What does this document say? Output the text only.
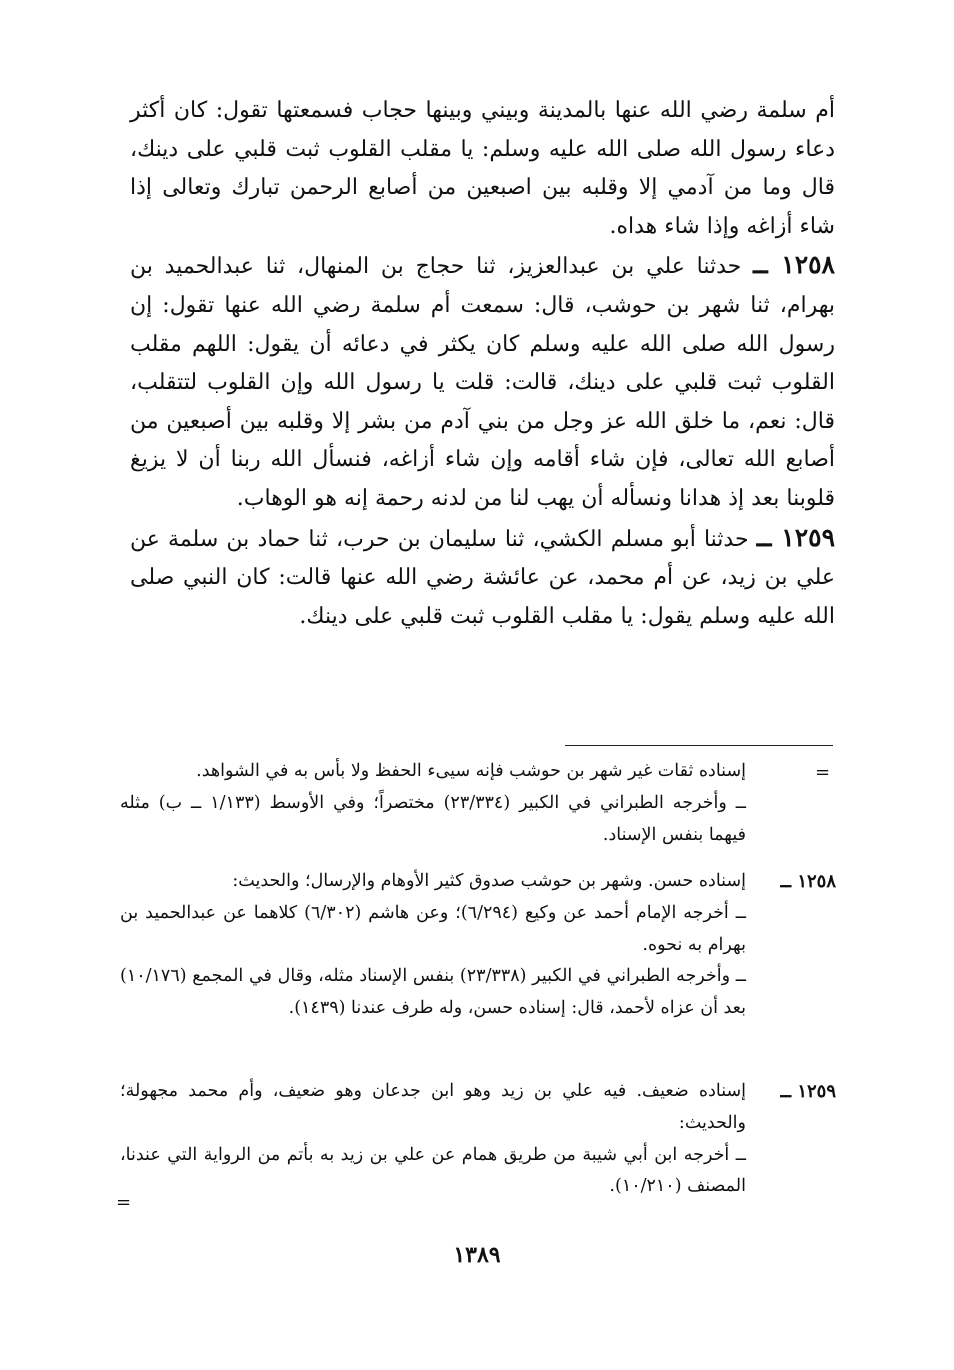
أم سلمة رضي الله عنها بالمدينة وبيني وبينها حجاب فسمعتها تقول: كان أكثر دعاء رسول الله صلى الله عليه وسلم: يا مقلب القلوب ثبت قلبي على دينك، قال وما من آدمي إلا وقلبه بين اصبعين من أصابع الرحمن تبارك وتعالى إذا شاء أزاغه وإذا شاء هداه.

١٢٥٨ ــ حدثنا علي بن عبدالعزيز، ثنا حجاج بن المنهال، ثنا عبدالحميد بن بهرام، ثنا شهر بن حوشب، قال: سمعت أم سلمة رضي الله عنها تقول: إن رسول الله صلى الله عليه وسلم كان يكثر في دعائه أن يقول: اللهم مقلب القلوب ثبت قلبي على دينك، قالت: قلت يا رسول الله وإن القلوب لتتقلب، قال: نعم، ما خلق الله عز وجل من بني آدم من بشر إلا وقلبه بين أصبعين من أصابع الله تعالى، فإن شاء أقامه وإن شاء أزاغه، فنسأل الله ربنا أن لا يزيغ قلوبنا بعد إذ هدانا ونسأله أن يهب لنا من لدنه رحمة إنه هو الوهاب.

١٢٥٩ ــ حدثنا أبو مسلم الكشي، ثنا سليمان بن حرب، ثنا حماد بن سلمة عن علي بن زيد، عن أم محمد، عن عائشة رضي الله عنها قالت: كان النبي صلى الله عليه وسلم يقول: يا مقلب القلوب ثبت قلبي على دينك.

=

إسناده ثقات غير شهر بن حوشب فإنه سيىء الحفظ ولا بأس به في الشواهد.

ــ وأخرجه الطبراني في الكبير (٢٣/٣٣٤) مختصراً؛ وفي الأوسط (١/١٣٣ ــ ب) مثله فيهما بنفس الإسناد.

١٢٥٨ ــ

إسناده حسن. وشهر بن حوشب صدوق كثير الأوهام والإرسال؛ والحديث:

ــ أخرجه الإمام أحمد عن وكيع (٦/٢٩٤)؛ وعن هاشم (٦/٣٠٢) كلاهما عن عبدالحميد بن بهرام به نحوه.

ــ وأخرجه الطبراني في الكبير (٢٣/٣٣٨) بنفس الإسناد مثله، وقال في المجمع (١٠/١٧٦) بعد أن عزاه لأحمد، قال: إسناده حسن، وله طرف عندنا (١٤٣٩).

١٢٥٩ ــ

إسناده ضعيف. فيه علي بن زيد وهو ابن جدعان وهو ضعيف، وأم محمد مجهولة؛ والحديث:

ــ أخرجه ابن أبي شيبة من طريق همام عن علي بن زيد به بأتم من الرواية التي عندنا، المصنف (١٠/٢١٠).

=
١٣٨٩
